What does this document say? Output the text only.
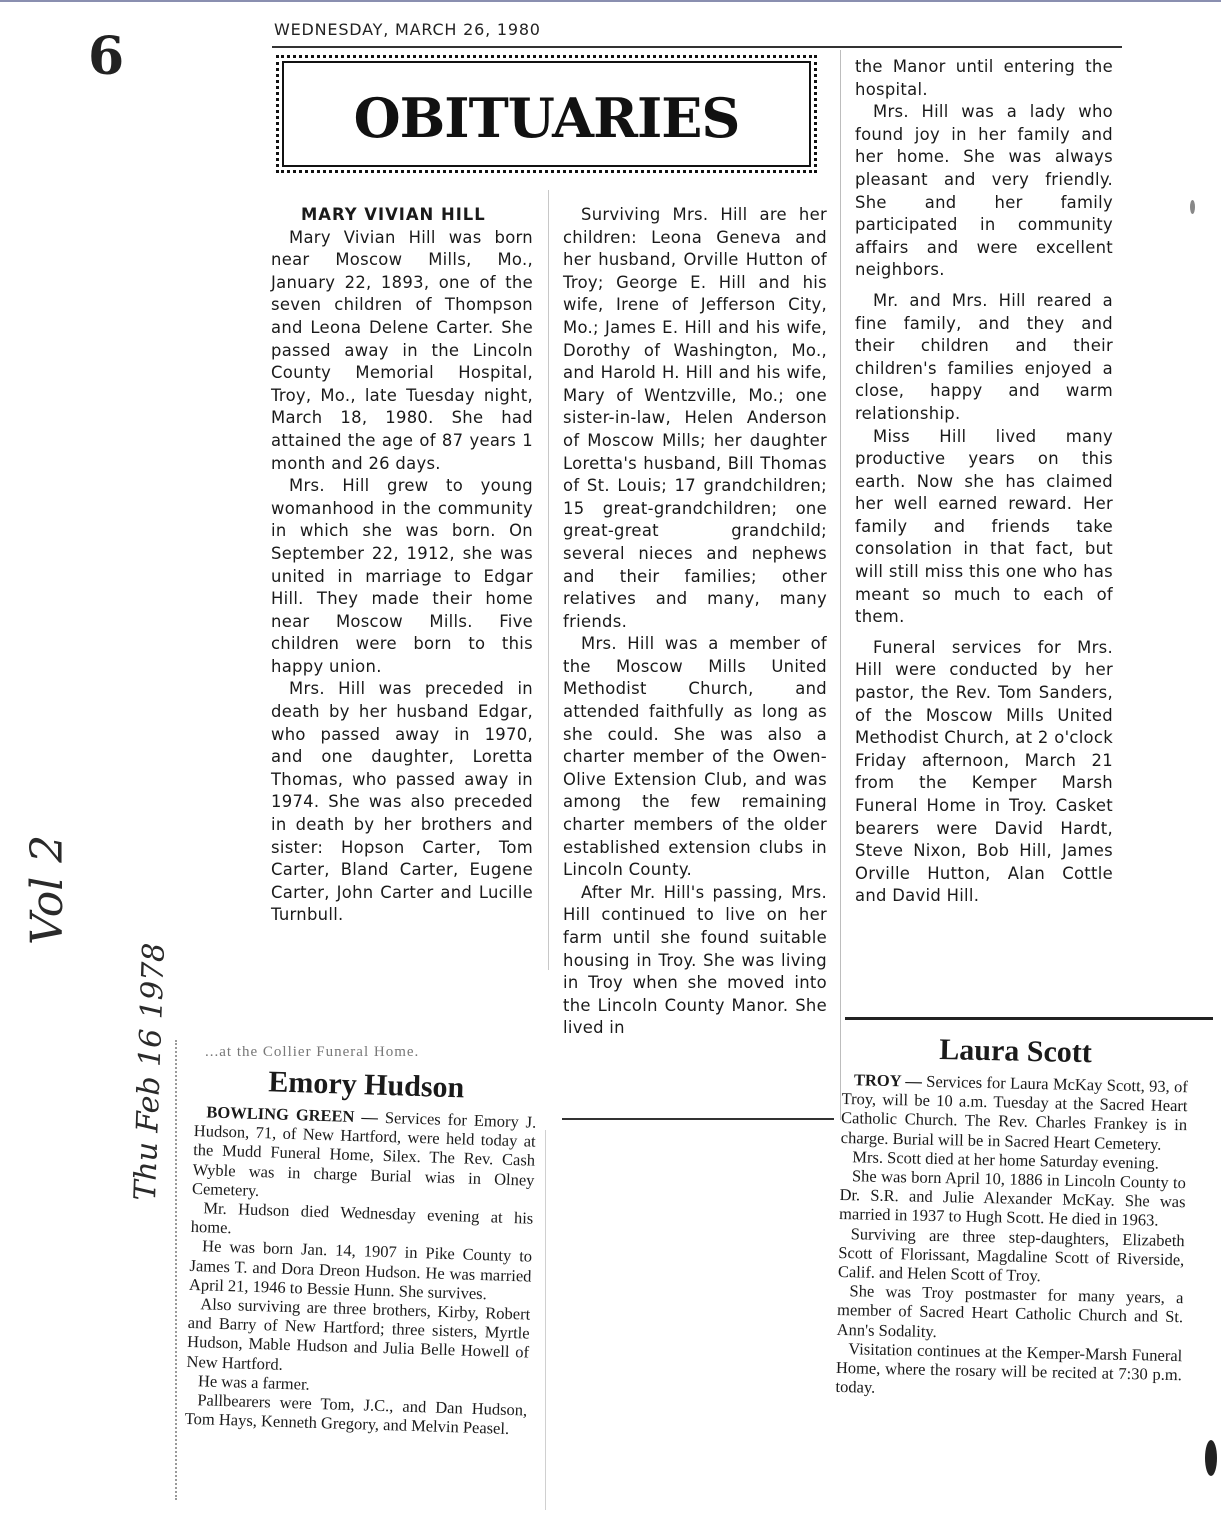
6	WEDNESDAY, MARCH 26, 1980
OBITUARIES

MARY VIVIAN HILL

Mary Vivian Hill was born near Moscow Mills, Mo., January 22, 1893, one of the seven children of Thompson and Leona Delene Carter. She passed away in the Lincoln County Memorial Hospital, Troy, Mo., late Tuesday night, March 18, 1980. She had attained the age of 87 years 1 month and 26 days.

Mrs. Hill grew to young womanhood in the community in which she was born. On September 22, 1912, she was united in marriage to Edgar Hill. They made their home near Moscow Mills. Five children were born to this happy union.

Mrs. Hill was preceded in death by her husband Edgar, who passed away in 1970, and one daughter, Loretta Thomas, who passed away in 1974. She was also preceded in death by her brothers and sister: Hopson Carter, Tom Carter, Bland Carter, Eugene Carter, John Carter and Lucille Turnbull.

Surviving Mrs. Hill are her children: Leona Geneva and her husband, Orville Hutton of Troy; George E. Hill and his wife, Irene of Jefferson City, Mo.; James E. Hill and his wife, Dorothy of Washington, Mo., and Harold H. Hill and his wife, Mary of Wentzville, Mo.; one sister-in-law, Helen Anderson of Moscow Mills; her daughter Loretta's husband, Bill Thomas of St. Louis; 17 grandchildren; 15 great-grandchildren; one great-great grandchild; several nieces and nephews and their families; other relatives and many, many friends.

Mrs. Hill was a member of the Moscow Mills United Methodist Church, and attended faithfully as long as she could. She was also a charter member of the Owen-Olive Extension Club, and was among the few remaining charter members of the older established extension clubs in Lincoln County.

After Mr. Hill's passing, Mrs. Hill continued to live on her farm until she found suitable housing in Troy. She was living in Troy when she moved into the Lincoln County Manor. She lived in

the Manor until entering the hospital.

Mrs. Hill was a lady who found joy in her family and her home. She was always pleasant and very friendly. She and her family participated in community affairs and were excellent neighbors.

Mr. and Mrs. Hill reared a fine family, and they and their children and their children's families enjoyed a close, happy and warm relationship.

Miss Hill lived many productive years on this earth. Now she has claimed her well earned reward. Her family and friends take consolation in that fact, but will still miss this one who has meant so much to each of them.

Funeral services for Mrs. Hill were conducted by her pastor, the Rev. Tom Sanders, of the Moscow Mills United Methodist Church, at 2 o'clock Friday afternoon, March 21 from the Kemper Marsh Funeral Home in Troy. Casket bearers were David Hardt, Steve Nixon, Bob Hill, James Orville Hutton, Alan Cottle and David Hill.

...at the Collier Funeral Home.

Emory Hudson

BOWLING GREEN — Services for Emory J. Hudson, 71, of New Hartford, were held today at the Mudd Funeral Home, Silex. The Rev. Cash Wyble was in charge Burial wias in Olney Cemetery.

Mr. Hudson died Wednesday evening at his home.

He was born Jan. 14, 1907 in Pike County to James T. and Dora Dreon Hudson. He was married April 21, 1946 to Bessie Hunn. She survives.

Also surviving are three brothers, Kirby, Robert and Barry of New Hartford; three sisters, Myrtle Hudson, Mable Hudson and Julia Belle Howell of New Hartford.

He was a farmer.

Pallbearers were Tom, J.C., and Dan Hudson, Tom Hays, Kenneth Gregory, and Melvin Peasel.

Laura Scott

TROY — Services for Laura McKay Scott, 93, of Troy, will be 10 a.m. Tuesday at the Sacred Heart Catholic Church. The Rev. Charles Frankey is in charge. Burial will be in Sacred Heart Cemetery.

Mrs. Scott died at her home Saturday evening.

She was born April 10, 1886 in Lincoln County to Dr. S.R. and Julie Alexander McKay. She was married in 1937 to Hugh Scott. He died in 1963.

Surviving are three step-daughters, Elizabeth Scott of Florissant, Magdaline Scott of Riverside, Calif. and Helen Scott of Troy.

She was Troy postmaster for many years, a member of Sacred Heart Catholic Church and St. Ann's Sodality.

Visitation continues at the Kemper-Marsh Funeral Home, where the rosary will be recited at 7:30 p.m. today.

Vol 2
Thu Feb 16 1978
